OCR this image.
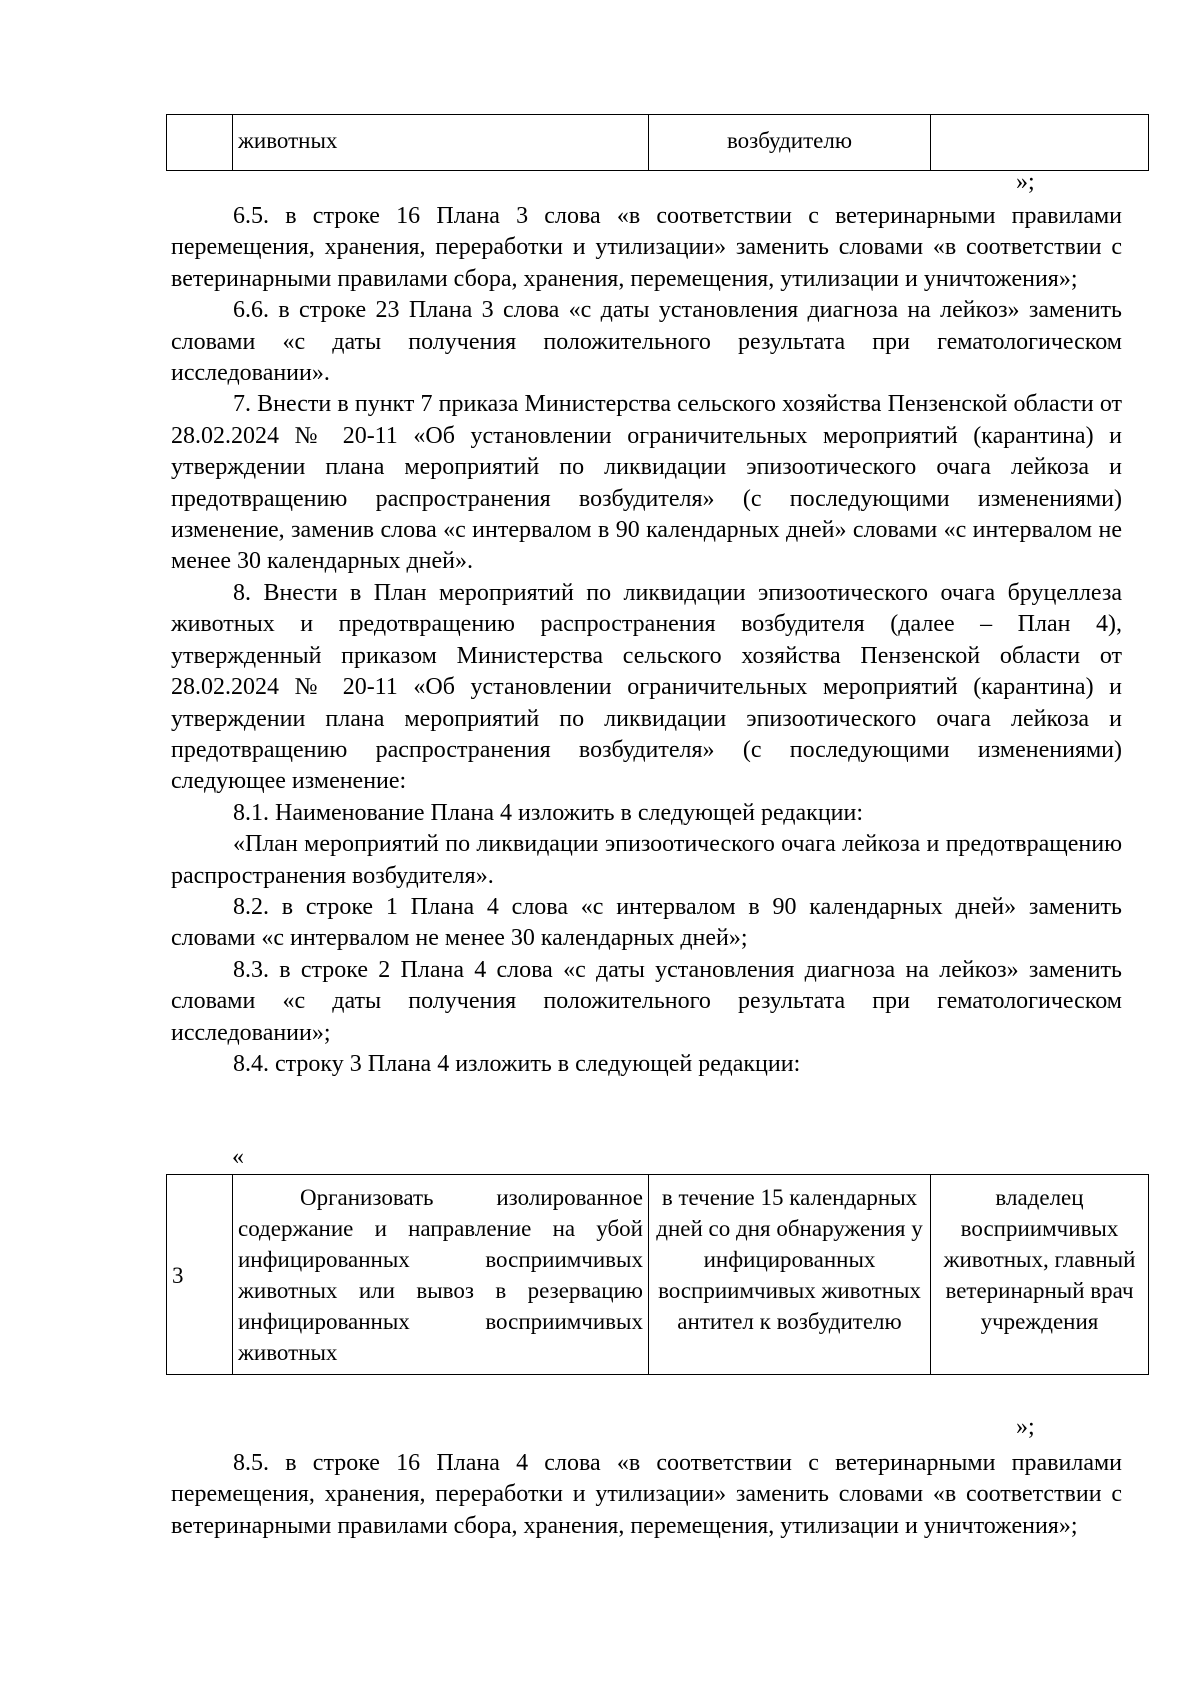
	животных	возбудителю	
»;

6.5. в строке 16 Плана 3 слова «в соответствии с ветеринарными правилами перемещения, хранения, переработки и утилизации» заменить словами «в соответствии с ветеринарными правилами сбора, хранения, перемещения, утилизации и уничтожения»;

6.6. в строке 23 Плана 3 слова «с даты установления диагноза на лейкоз» заменить словами «с даты получения положительного результата при гематологическом исследовании».

7. Внести в пункт 7 приказа Министерства сельского хозяйства Пензенской области от 28.02.2024 № 20-11 «Об установлении ограничительных мероприятий (карантина) и утверждении плана мероприятий по ликвидации эпизоотического очага лейкоза и предотвращению распространения возбудителя» (с последующими изменениями) изменение, заменив слова «с интервалом в 90 календарных дней» словами «с интервалом не менее 30 календарных дней».

8. Внести в План мероприятий по ликвидации эпизоотического очага бруцеллеза животных и предотвращению распространения возбудителя (далее – План 4), утвержденный приказом Министерства сельского хозяйства Пензенской области от 28.02.2024 № 20-11 «Об установлении ограничительных мероприятий (карантина) и утверждении плана мероприятий по ликвидации эпизоотического очага лейкоза и предотвращению распространения возбудителя» (с последующими изменениями) следующее изменение:

8.1. Наименование Плана 4 изложить в следующей редакции:

«План мероприятий по ликвидации эпизоотического очага лейкоза и предотвращению распространения возбудителя».

8.2. в строке 1 Плана 4 слова «с интервалом в 90 календарных дней» заменить словами «с интервалом не менее 30 календарных дней»;

8.3. в строке 2 Плана 4 слова «с даты установления диагноза на лейкоз» заменить словами «с даты получения положительного результата при гематологическом исследовании»;

8.4. строку 3 Плана 4 изложить в следующей редакции:

«
3	Организовать изолированное содержание и направление на убой инфицированных восприимчивых животных или вывоз в резервацию инфицированных восприимчивых животных	в течение 15 календарных дней со дня обнаружения у инфицированных восприимчивых животных антител к возбудителю	владелец восприимчивых животных, главный ветеринарный врач учреждения
»;

8.5. в строке 16 Плана 4 слова «в соответствии с ветеринарными правилами перемещения, хранения, переработки и утилизации» заменить словами «в соответствии с ветеринарными правилами сбора, хранения, перемещения, утилизации и уничтожения»;
